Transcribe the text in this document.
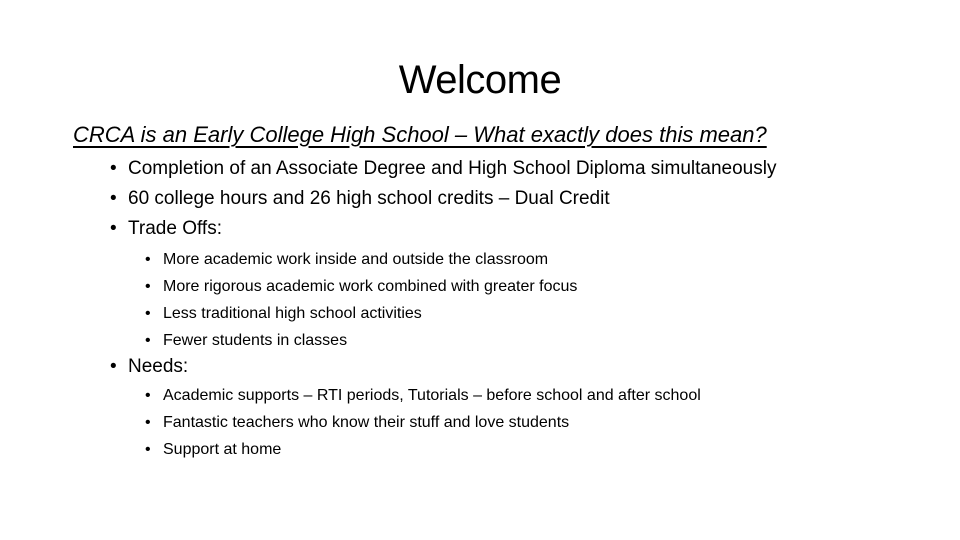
Welcome
CRCA is an Early College High School – What exactly does this mean?
• Completion of an Associate Degree and High School Diploma simultaneously
• 60 college hours and 26 high school credits – Dual Credit
• Trade Offs:
• More academic work inside and outside the classroom
• More rigorous academic work combined with greater focus
• Less traditional high school activities
• Fewer students in classes
• Needs:
• Academic supports – RTI periods, Tutorials – before school and after school
• Fantastic teachers who know their stuff and love students
• Support at home
